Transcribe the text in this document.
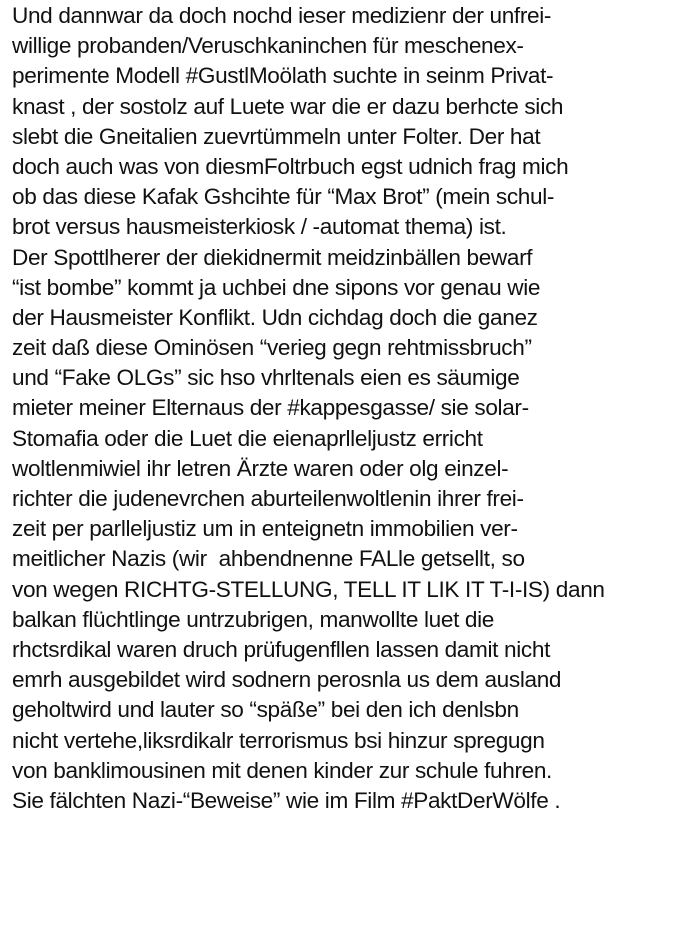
Und dannwar da doch nochd ieser medizienr der unfrei-
willige probanden/Veruschkaninchen für meschenex-
perimente Modell #GustlMoölath suchte in seinm Privat-
knast , der sostolz auf Luete war die er dazu berhcte sich
slebt die Gneitalien zuevrtümmeln unter Folter. Der hat
doch auch was von diesmFoltrbuch egst udnich frag mich
ob das diese Kafak Gshcihte für “Max Brot” (mein schul-
brot versus hausmeisterkiosk / -automat thema) ist.
Der Spottlherer der diekidnermit meidzinbällen bewarf
“ist bombe” kommt ja uchbei dne sipons vor genau wie
der Hausmeister Konflikt. Udn cichdag doch die ganez
zeit daß diese Ominösen “verieg gegn rehtmissbruch”
und “Fake OLGs” sic hso vhrltenals eien es säumige
mieter meiner Elternaus der #kappesgasse/ sie solar-
Stomafia oder die Luet die eienaprlleljustz erricht
woltlenmiwiel ihr letren Ärzte waren oder olg einzel-
richter die judenevrchen aburteilenwoltlenin ihrer frei-
zeit per parlleljustiz um in enteignetn immobilien ver-
meitlicher Nazis (wir  ahbendnenne FALle getsellt, so
von wegen RICHTG-STELLUNG, TELL IT LIK IT T-I-IS) dann
balkan flüchtlinge untrzubrigen, manwollte luet die
rhctsrdikal waren druch prüfugenfllen lassen damit nicht
emrh ausgebildet wird sodnern perosnla us dem ausland
geholtwird und lauter so “späße” bei den ich denlsbn
nicht vertehe,liksrdikalr terrorismus bsi hinzur spregugn
von banklimousinen mit denen kinder zur schule fuhren.
Sie fälchten Nazi-“Beweise” wie im Film #PaktDerWölfe .
